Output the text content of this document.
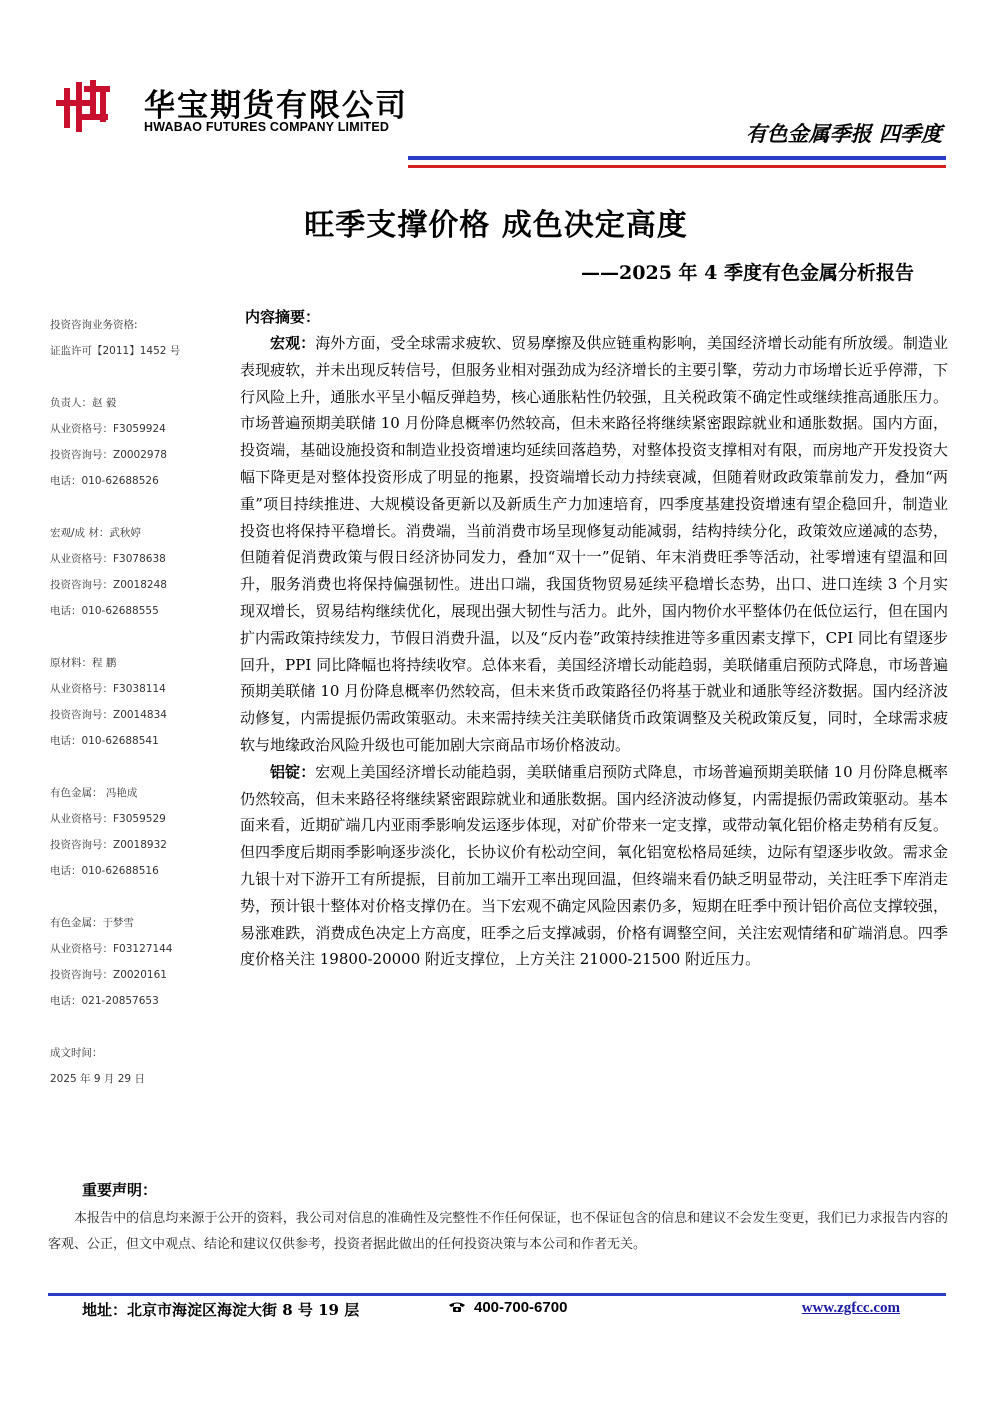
华宝期货有限公司
HWABAO FUTURES COMPANY LIMITED	有色金属季报 四季度
旺季支撑价格 成色决定高度
——2025 年 4 季度有色金属分析报告
投资咨询业务资格:
证监许可【2011】1452 号
负责人：赵 毅
从业资格号：F3059924
投资咨询号：Z0002978
电话：010-62688526
宏观/成 材：武秋婷
从业资格号：F3078638
投资咨询号：Z0018248
电话：010-62688555
原材料：程 鹏
从业资格号：F3038114
投资咨询号：Z0014834
电话：010-62688541
有色金属： 冯艳成
从业资格号：F3059529
投资咨询号：Z0018932
电话：010-62688516
有色金属：于梦雪
从业资格号：F03127144
投资咨询号：Z0020161
电话：021-20857653
成文时间：
2025 年 9 月 29 日
内容摘要：

宏观：海外方面，受全球需求疲软、贸易摩擦及供应链重构影响，美国经济增长动能有所放缓。制造业表现疲软，并未出现反转信号，但服务业相对强劲成为经济增长的主要引擎，劳动力市场增长近乎停滞，下行风险上升，通胀水平呈小幅反弹趋势，核心通胀粘性仍较强，且关税政策不确定性或继续推高通胀压力。市场普遍预期美联储 10 月份降息概率仍然较高，但未来路径将继续紧密跟踪就业和通胀数据。国内方面，投资端，基础设施投资和制造业投资增速均延续回落趋势，对整体投资支撑相对有限，而房地产开发投资大幅下降更是对整体投资形成了明显的拖累，投资端增长动力持续衰减，但随着财政政策靠前发力，叠加“两重”项目持续推进、大规模设备更新以及新质生产力加速培育，四季度基建投资增速有望企稳回升，制造业投资也将保持平稳增长。消费端，当前消费市场呈现修复动能减弱，结构持续分化，政策效应递减的态势，但随着促消费政策与假日经济协同发力，叠加“双十一”促销、年末消费旺季等活动，社零增速有望温和回升，服务消费也将保持偏强韧性。进出口端，我国货物贸易延续平稳增长态势，出口、进口连续 3 个月实现双增长，贸易结构继续优化，展现出强大韧性与活力。此外，国内物价水平整体仍在低位运行，但在国内扩内需政策持续发力，节假日消费升温，以及“反内卷”政策持续推进等多重因素支撑下，CPI 同比有望逐步回升，PPI 同比降幅也将持续收窄。总体来看，美国经济增长动能趋弱，美联储重启预防式降息，市场普遍预期美联储 10 月份降息概率仍然较高，但未来货币政策路径仍将基于就业和通胀等经济数据。国内经济波动修复，内需提振仍需政策驱动。未来需持续关注美联储货币政策调整及关税政策反复，同时，全球需求疲软与地缘政治风险升级也可能加剧大宗商品市场价格波动。

铝锭：宏观上美国经济增长动能趋弱，美联储重启预防式降息，市场普遍预期美联储 10 月份降息概率仍然较高，但未来路径将继续紧密跟踪就业和通胀数据。国内经济波动修复，内需提振仍需政策驱动。基本面来看，近期矿端几内亚雨季影响发运逐步体现，对矿价带来一定支撑，或带动氧化铝价格走势稍有反复。但四季度后期雨季影响逐步淡化，长协议价有松动空间，氧化铝宽松格局延续，边际有望逐步收敛。需求金九银十对下游开工有所提振，目前加工端开工率出现回温，但终端来看仍缺乏明显带动，关注旺季下库消走势，预计银十整体对价格支撑仍在。当下宏观不确定风险因素仍多，短期在旺季中预计铝价高位支撑较强，易涨难跌，消费成色决定上方高度，旺季之后支撑减弱，价格有调整空间，关注宏观情绪和矿端消息。四季度价格关注 19800-20000 附近支撑位，上方关注 21000-21500 附近压力。

重要声明：
本报告中的信息均来源于公开的资料，我公司对信息的准确性及完整性不作任何保证，也不保证包含的信息和建议不会发生变更，我们已力求报告内容的客观、公正，但文中观点、结论和建议仅供参考，投资者据此做出的任何投资决策与本公司和作者无关。
地址：北京市海淀区海淀大街 8 号 19 层	400-700-6700	www.zgfcc.com
